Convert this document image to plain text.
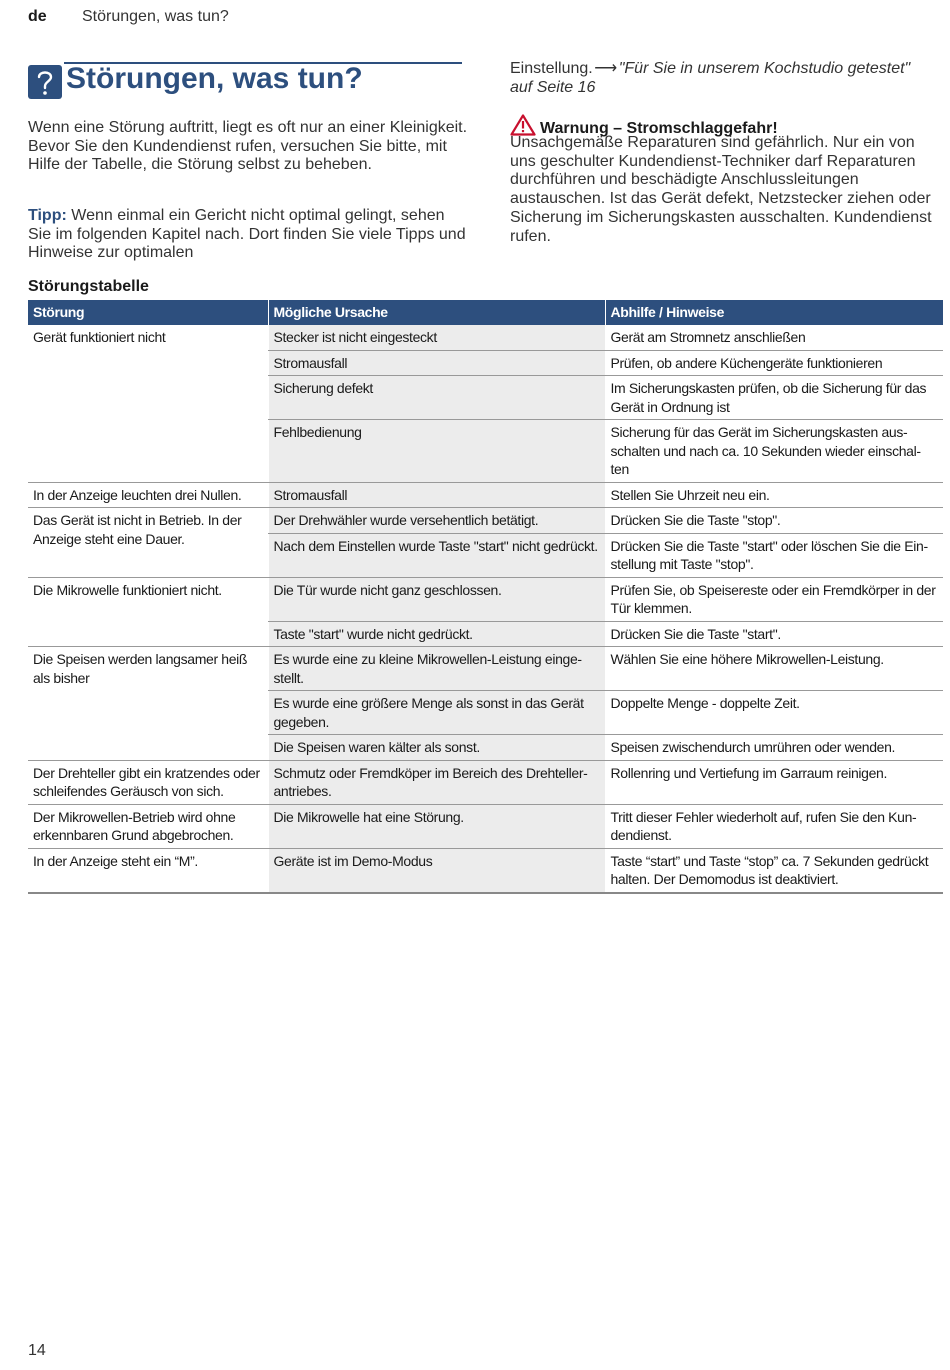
de Störungen, was tun?
Störungen, was tun?
Wenn eine Störung auftritt, liegt es oft nur an einer Kleinigkeit. Bevor Sie den Kundendienst rufen, versuchen Sie bitte, mit Hilfe der Tabelle, die Störung selbst zu beheben.
Tipp: Wenn einmal ein Gericht nicht optimal gelingt, sehen Sie im folgenden Kapitel nach. Dort finden Sie viele Tipps und Hinweise zur optimalen
Einstellung.⟶"Für Sie in unserem Kochstudio getestet" auf Seite 16
Warnung – Stromschlaggefahr!
Unsachgemäße Reparaturen sind gefährlich. Nur ein von uns geschulter Kundendienst-Techniker darf Reparaturen durchführen und beschädigte Anschlussleitungen austauschen. Ist das Gerät defekt, Netzstecker ziehen oder Sicherung im Sicherungskasten ausschalten. Kundendienst rufen.
Störungstabelle
Störung	Mögliche Ursache	Abhilfe / Hinweise
Gerät funktioniert nicht	Stecker ist nicht eingesteckt	Gerät am Stromnetz anschließen
	Stromausfall	Prüfen, ob andere Küchengeräte funktionieren
	Sicherung defekt	Im Sicherungskasten prüfen, ob die Sicherung für das Gerät in Ordnung ist
	Fehlbedienung	Sicherung für das Gerät im Sicherungskasten aus-schalten und nach ca. 10 Sekunden wieder einschal-ten
In der Anzeige leuchten drei Nullen.	Stromausfall	Stellen Sie Uhrzeit neu ein.
Das Gerät ist nicht in Betrieb. In der Anzeige steht eine Dauer.	Der Drehwähler wurde versehentlich betätigt.	Drücken Sie die Taste "stop".
	Nach dem Einstellen wurde Taste "start" nicht gedrückt.	Drücken Sie die Taste "start" oder löschen Sie die Ein-stellung mit Taste "stop".
Die Mikrowelle funktioniert nicht.	Die Tür wurde nicht ganz geschlossen.	Prüfen Sie, ob Speisereste oder ein Fremdkörper in der Tür klemmen.
	Taste "start" wurde nicht gedrückt.	Drücken Sie die Taste "start".
Die Speisen werden langsamer heiß als bisher	Es wurde eine zu kleine Mikrowellen-Leistung einge-stellt.	Wählen Sie eine höhere Mikrowellen-Leistung.
	Es wurde eine größere Menge als sonst in das Gerät gegeben.	Doppelte Menge - doppelte Zeit.
	Die Speisen waren kälter als sonst.	Speisen zwischendurch umrühren oder wenden.
Der Drehteller gibt ein kratzendes oder schleifendes Geräusch von sich.	Schmutz oder Fremdköper im Bereich des Drehteller-antriebes.	Rollenring und Vertiefung im Garraum reinigen.
Der Mikrowellen-Betrieb wird ohne erkennbaren Grund abgebrochen.	Die Mikrowelle hat eine Störung.	Tritt dieser Fehler wiederholt auf, rufen Sie den Kun-dendienst.
In der Anzeige steht ein “M”.	Geräte ist im Demo-Modus	Taste “start” und Taste “stop” ca. 7 Sekunden gedrückt halten. Der Demomodus ist deaktiviert.
14
